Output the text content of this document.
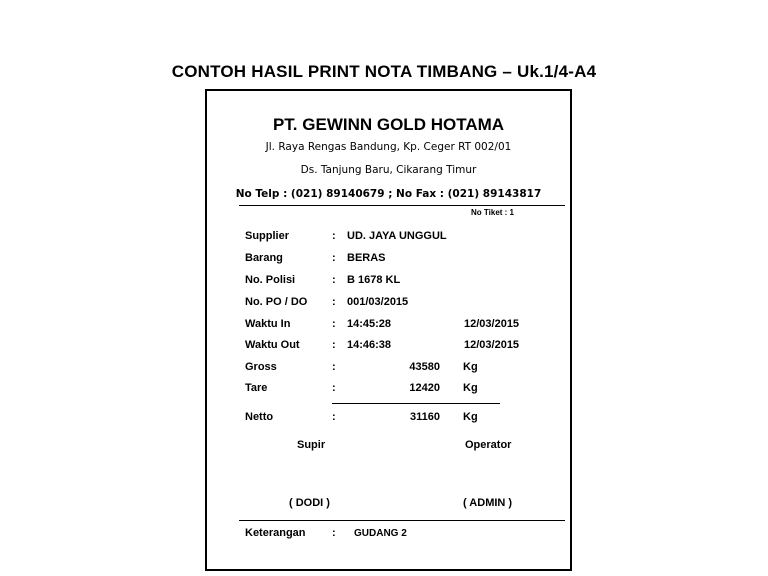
CONTOH HASIL PRINT NOTA TIMBANG – Uk.1/4-A4
PT. GEWINN GOLD HOTAMA
Jl. Raya Rengas Bandung, Kp. Ceger RT 002/01
Ds. Tanjung Baru, Cikarang Timur
No Telp : (021) 89140679 ; No Fax : (021) 89143817
No Tiket : 1
Supplier	: UD. JAYA UNGGUL
Barang	: BERAS
No. Polisi	: B 1678 KL
No. PO / DO : 001/03/2015
Waktu In	: 14:45:28	12/03/2015
Waktu Out	: 14:46:38	12/03/2015
Gross	:	43580 Kg
Tare	:	12420 Kg
Netto	:	31160 Kg
Supir	Operator
( DODI )	( ADMIN )
Keterangan : GUDANG 2
